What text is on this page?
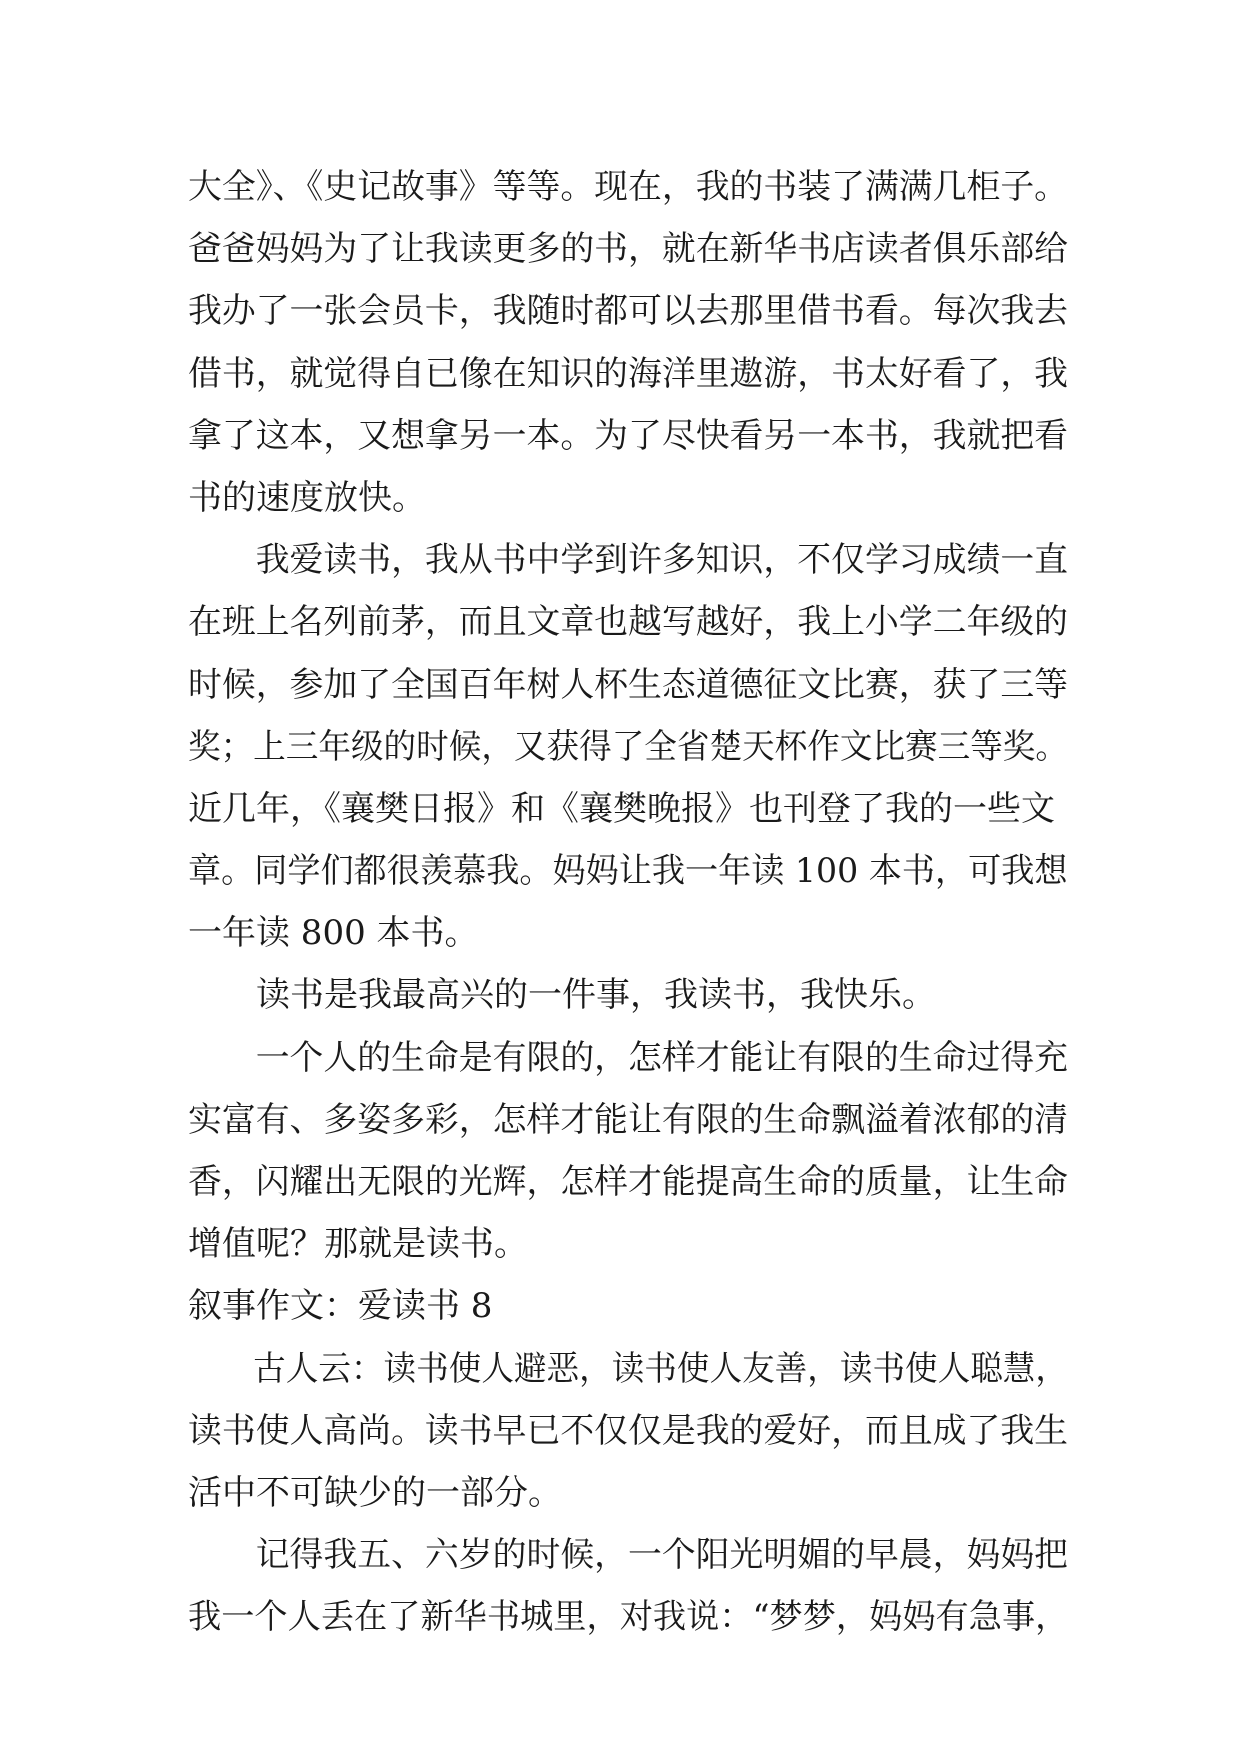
大全》、《史记故事》等等。现在，我的书装了满满几柜子。
爸爸妈妈为了让我读更多的书，就在新华书店读者俱乐部给
我办了一张会员卡，我随时都可以去那里借书看。每次我去
借书，就觉得自已像在知识的海洋里遨游，书太好看了，我
拿了这本，又想拿另一本。为了尽快看另一本书，我就把看
书的速度放快。
我爱读书，我从书中学到许多知识，不仅学习成绩一直
在班上名列前茅，而且文章也越写越好，我上小学二年级的
时候，参加了全国百年树人杯生态道德征文比赛，获了三等
奖；上三年级的时候，又获得了全省楚天杯作文比赛三等奖。
近几年，《襄樊日报》和《襄樊晚报》也刊登了我的一些文
章。同学们都很羡慕我。妈妈让我一年读 100 本书，可我想
一年读 800 本书。
读书是我最高兴的一件事，我读书，我快乐。
一个人的生命是有限的，怎样才能让有限的生命过得充
实富有、多姿多彩，怎样才能让有限的生命飘溢着浓郁的清
香，闪耀出无限的光辉，怎样才能提高生命的质量，让生命
增值呢？那就是读书。
叙事作文：爱读书 8
古人云：读书使人避恶，读书使人友善，读书使人聪慧，
读书使人高尚。读书早已不仅仅是我的爱好，而且成了我生
活中不可缺少的一部分。
记得我五、六岁的时候，一个阳光明媚的早晨，妈妈把
我一个人丢在了新华书城里，对我说：“梦梦，妈妈有急事，
